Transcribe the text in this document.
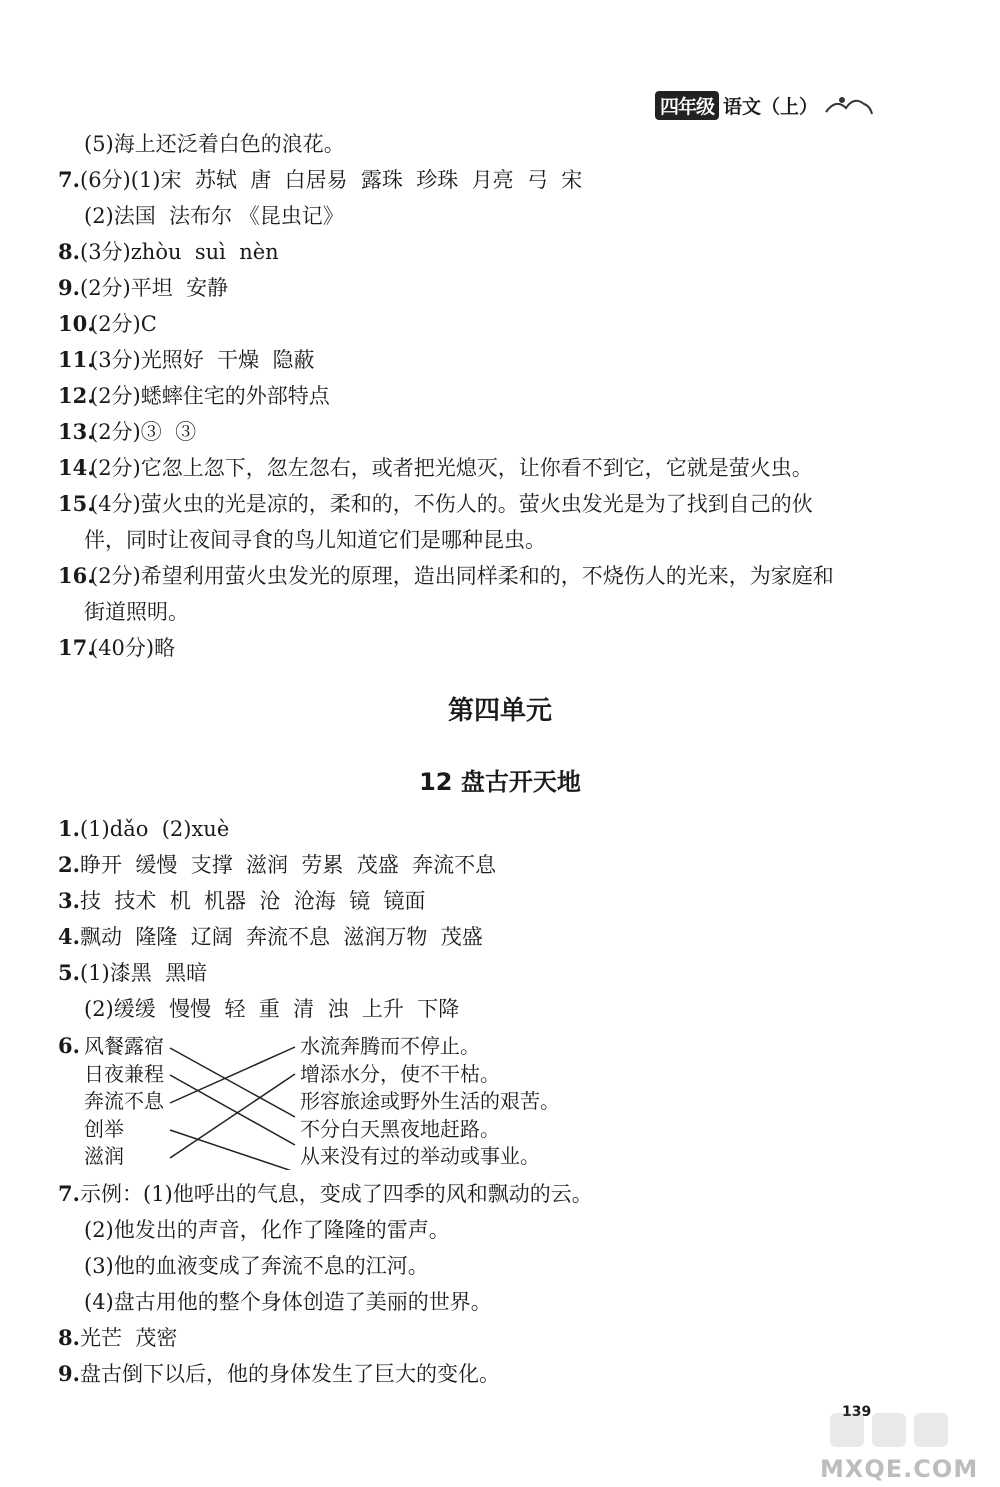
四年级 语文（上）
(5)海上还泛着白色的浪花。
7. (6分)(1)宋  苏轼  唐  白居易  露珠  珍珠  月亮  弓  宋
(2)法国  法布尔 《昆虫记》
8. (3分)zhòu  suì  nèn
9. (2分)平坦  安静
10.
(2分)C
11.
(3分)光照好  干燥  隐蔽
12.
(2分)蟋蟀住宅的外部特点
13.
(2分)③  ③
14.
(2分)它忽上忽下，忽左忽右，或者把光熄灭，让你看不到它，它就是萤火虫。
15.
(4分)萤火虫的光是凉的，柔和的，不伤人的。萤火虫发光是为了找到自己的伙
伴，同时让夜间寻食的鸟儿知道它们是哪种昆虫。
16.
(2分)希望利用萤火虫发光的原理，造出同样柔和的，不烧伤人的光来，为家庭和
街道照明。
17.
(40分)略
第四单元
12 盘古开天地
1. (1)dǎo  (2)xuè
2. 睁开  缓慢  支撑  滋润  劳累  茂盛  奔流不息
3. 技  技术  机  机器  沧  沧海  镜  镜面
4. 飘动  隆隆  辽阔  奔流不息  滋润万物  茂盛
5. (1)漆黑  黑暗
(2)缓缓  慢慢  轻  重  清  浊  上升  下降
6. 风餐露宿
日夜兼程
奔流不息
创举
滋润
水流奔腾而不停止。
增添水分，使不干枯。
形容旅途或野外生活的艰苦。
不分白天黑夜地赶路。
从来没有过的举动或事业。
7. 示例：(1)他呼出的气息，变成了四季的风和飘动的云。
(2)他发出的声音，化作了隆隆的雷声。
(3)他的血液变成了奔流不息的江河。
(4)盘古用他的整个身体创造了美丽的世界。
8. 光芒  茂密
9. 盘古倒下以后，他的身体发生了巨大的变化。
139
MXQE.COM
